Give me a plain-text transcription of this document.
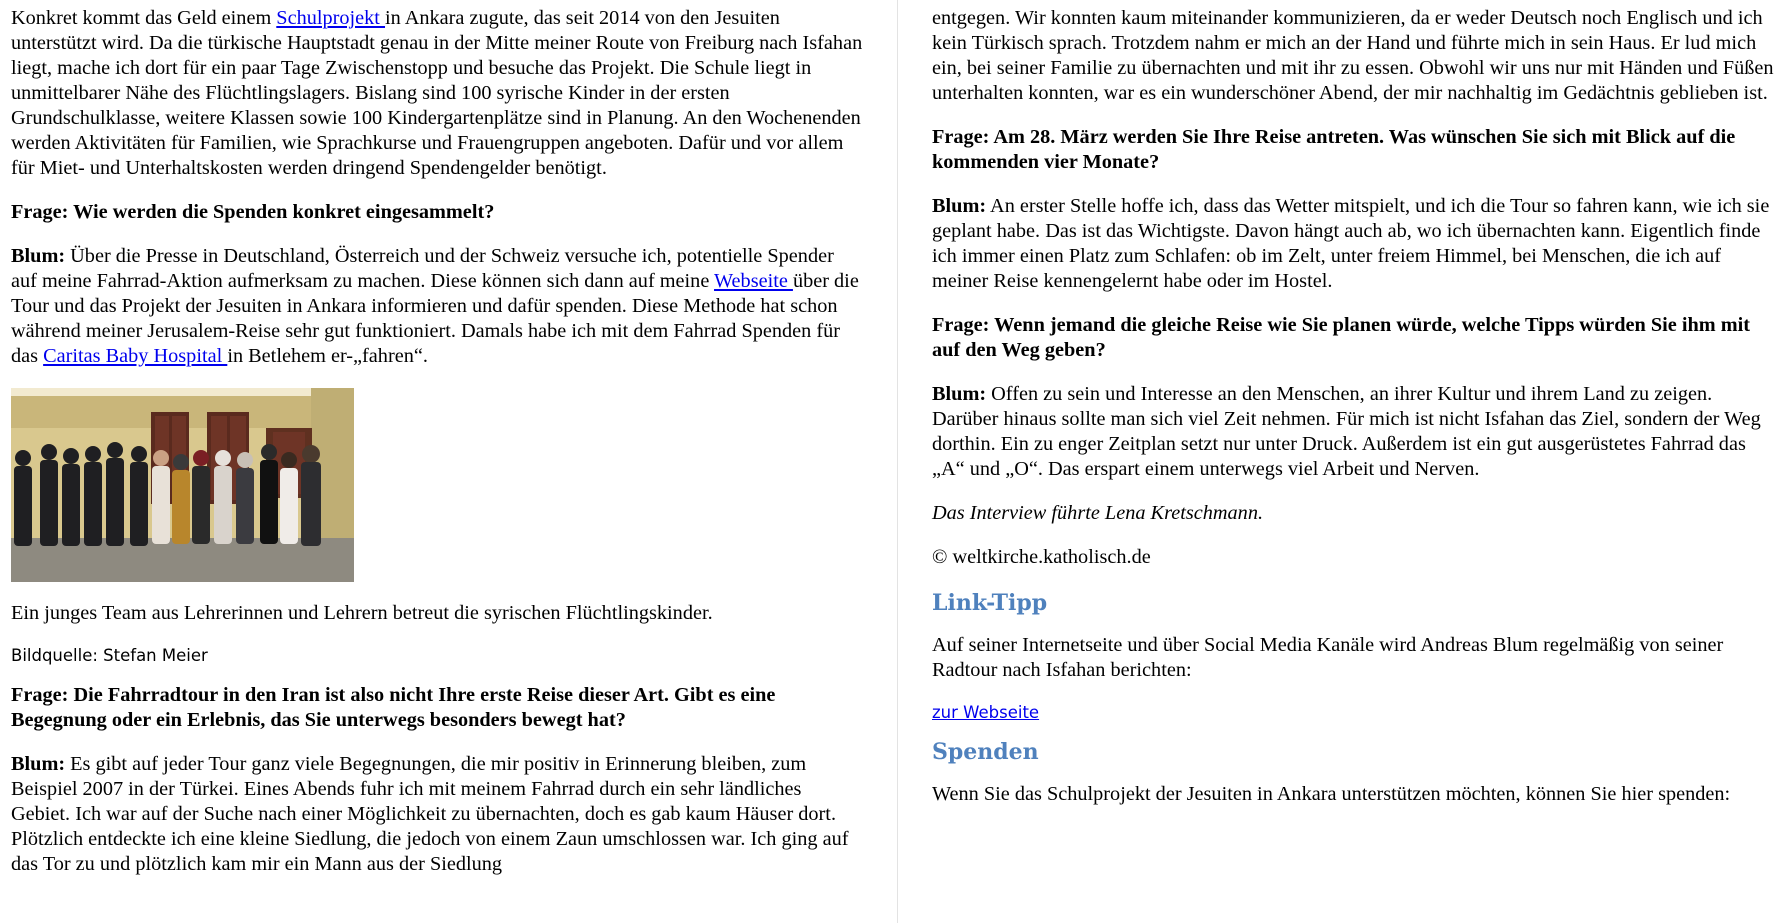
Konkret kommt das Geld einem Schulprojekt in Ankara zugute, das seit 2014 von den Jesuiten unterstützt wird. Da die türkische Hauptstadt genau in der Mitte meiner Route von Freiburg nach Isfahan liegt, mache ich dort für ein paar Tage Zwischenstopp und besuche das Projekt. Die Schule liegt in unmittelbarer Nähe des Flüchtlingslagers. Bislang sind 100 syrische Kinder in der ersten Grundschulklasse, weitere Klassen sowie 100 Kindergartenplätze sind in Planung. An den Wochenenden werden Aktivitäten für Familien, wie Sprachkurse und Frauengruppen angeboten. Dafür und vor allem für Miet- und Unterhaltskosten werden dringend Spendengelder benötigt.

Frage: Wie werden die Spenden konkret eingesammelt?

Blum: Über die Presse in Deutschland, Österreich und der Schweiz versuche ich, potentielle Spender auf meine Fahrrad-Aktion aufmerksam zu machen. Diese können sich dann auf meine Webseite über die Tour und das Projekt der Jesuiten in Ankara informieren und dafür spenden. Diese Methode hat schon während meiner Jerusalem-Reise sehr gut funktioniert. Damals habe ich mit dem Fahrrad Spenden für das Caritas Baby Hospital in Betlehem er-„fahren“.

Ein junges Team aus Lehrerinnen und Lehrern betreut die syrischen Flüchtlingskinder.

Bildquelle: Stefan Meier

Frage: Die Fahrradtour in den Iran ist also nicht Ihre erste Reise dieser Art. Gibt es eine Begegnung oder ein Erlebnis, das Sie unterwegs besonders bewegt hat?

Blum: Es gibt auf jeder Tour ganz viele Begegnungen, die mir positiv in Erinnerung bleiben, zum Beispiel 2007 in der Türkei. Eines Abends fuhr ich mit meinem Fahrrad durch ein sehr ländliches Gebiet. Ich war auf der Suche nach einer Möglichkeit zu übernachten, doch es gab kaum Häuser dort. Plötzlich entdeckte ich eine kleine Siedlung, die jedoch von einem Zaun umschlossen war. Ich ging auf das Tor zu und plötzlich kam mir ein Mann aus der Siedlung

entgegen. Wir konnten kaum miteinander kommunizieren, da er weder Deutsch noch Englisch und ich kein Türkisch sprach. Trotzdem nahm er mich an der Hand und führte mich in sein Haus. Er lud mich ein, bei seiner Familie zu übernachten und mit ihr zu essen. Obwohl wir uns nur mit Händen und Füßen unterhalten konnten, war es ein wunderschöner Abend, der mir nachhaltig im Gedächtnis geblieben ist.

Frage: Am 28. März werden Sie Ihre Reise antreten. Was wünschen Sie sich mit Blick auf die kommenden vier Monate?

Blum: An erster Stelle hoffe ich, dass das Wetter mitspielt, und ich die Tour so fahren kann, wie ich sie geplant habe. Das ist das Wichtigste. Davon hängt auch ab, wo ich übernachten kann. Eigentlich finde ich immer einen Platz zum Schlafen: ob im Zelt, unter freiem Himmel, bei Menschen, die ich auf meiner Reise kennengelernt habe oder im Hostel.

Frage: Wenn jemand die gleiche Reise wie Sie planen würde, welche Tipps würden Sie ihm mit auf den Weg geben?

Blum: Offen zu sein und Interesse an den Menschen, an ihrer Kultur und ihrem Land zu zeigen. Darüber hinaus sollte man sich viel Zeit nehmen. Für mich ist nicht Isfahan das Ziel, sondern der Weg dorthin. Ein zu enger Zeitplan setzt nur unter Druck. Außerdem ist ein gut ausgerüstetes Fahrrad das „A“ und „O“. Das erspart einem unterwegs viel Arbeit und Nerven.

Das Interview führte Lena Kretschmann.

© weltkirche.katholisch.de

Link-Tipp

Auf seiner Internetseite und über Social Media Kanäle wird Andreas Blum regelmäßig von seiner Radtour nach Isfahan berichten:

zur Webseite

Spenden

Wenn Sie das Schulprojekt der Jesuiten in Ankara unterstützen möchten, können Sie hier spenden:
